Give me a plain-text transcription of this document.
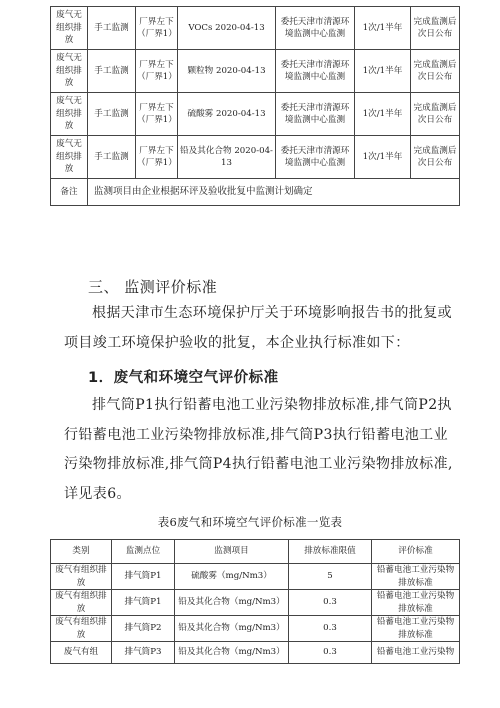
废气无组织排放	手工监测	厂界左下（厂界1）	VOCs 2020-04-13	委托天津市清源环境监测中心监测	1次/1半年	完成监测后次日公布
废气无组织排放	手工监测	厂界左下（厂界1）	颗粒物 2020-04-13	委托天津市清源环境监测中心监测	1次/1半年	完成监测后次日公布
废气无组织排放	手工监测	厂界左下（厂界1）	硫酸雾 2020-04-13	委托天津市清源环境监测中心监测	1次/1半年	完成监测后次日公布
废气无组织排放	手工监测	厂界左下（厂界1）	铅及其化合物 2020-04-13	委托天津市清源环境监测中心监测	1次/1半年	完成监测后次日公布
备注	监测项目由企业根据环评及验收批复中监测计划确定					
三、 监测评价标准

根据天津市生态环境保护厅关于环境影响报告书的批复或项目竣工环境保护验收的批复，本企业执行标准如下：

1．废气和环境空气评价标准

排气筒P1执行铅蓄电池工业污染物排放标准,排气筒P2执行铅蓄电池工业污染物排放标准,排气筒P3执行铅蓄电池工业污染物排放标准,排气筒P4执行铅蓄电池工业污染物排放标准,详见表6。

表6废气和环境空气评价标准一览表
类别	监测点位	监测项目	排放标准限值	评价标准
废气有组织排放	排气筒P1	硫酸雾（mg/Nm3）	5	铅蓄电池工业污染物排放标准
废气有组织排放	排气筒P1	铅及其化合物（mg/Nm3）	0.3	铅蓄电池工业污染物排放标准
废气有组织排放	排气筒P2	铅及其化合物（mg/Nm3）	0.3	铅蓄电池工业污染物排放标准
废气有组	排气筒P3	铅及其化合物（mg/Nm3）	0.3	铅蓄电池工业污染物
